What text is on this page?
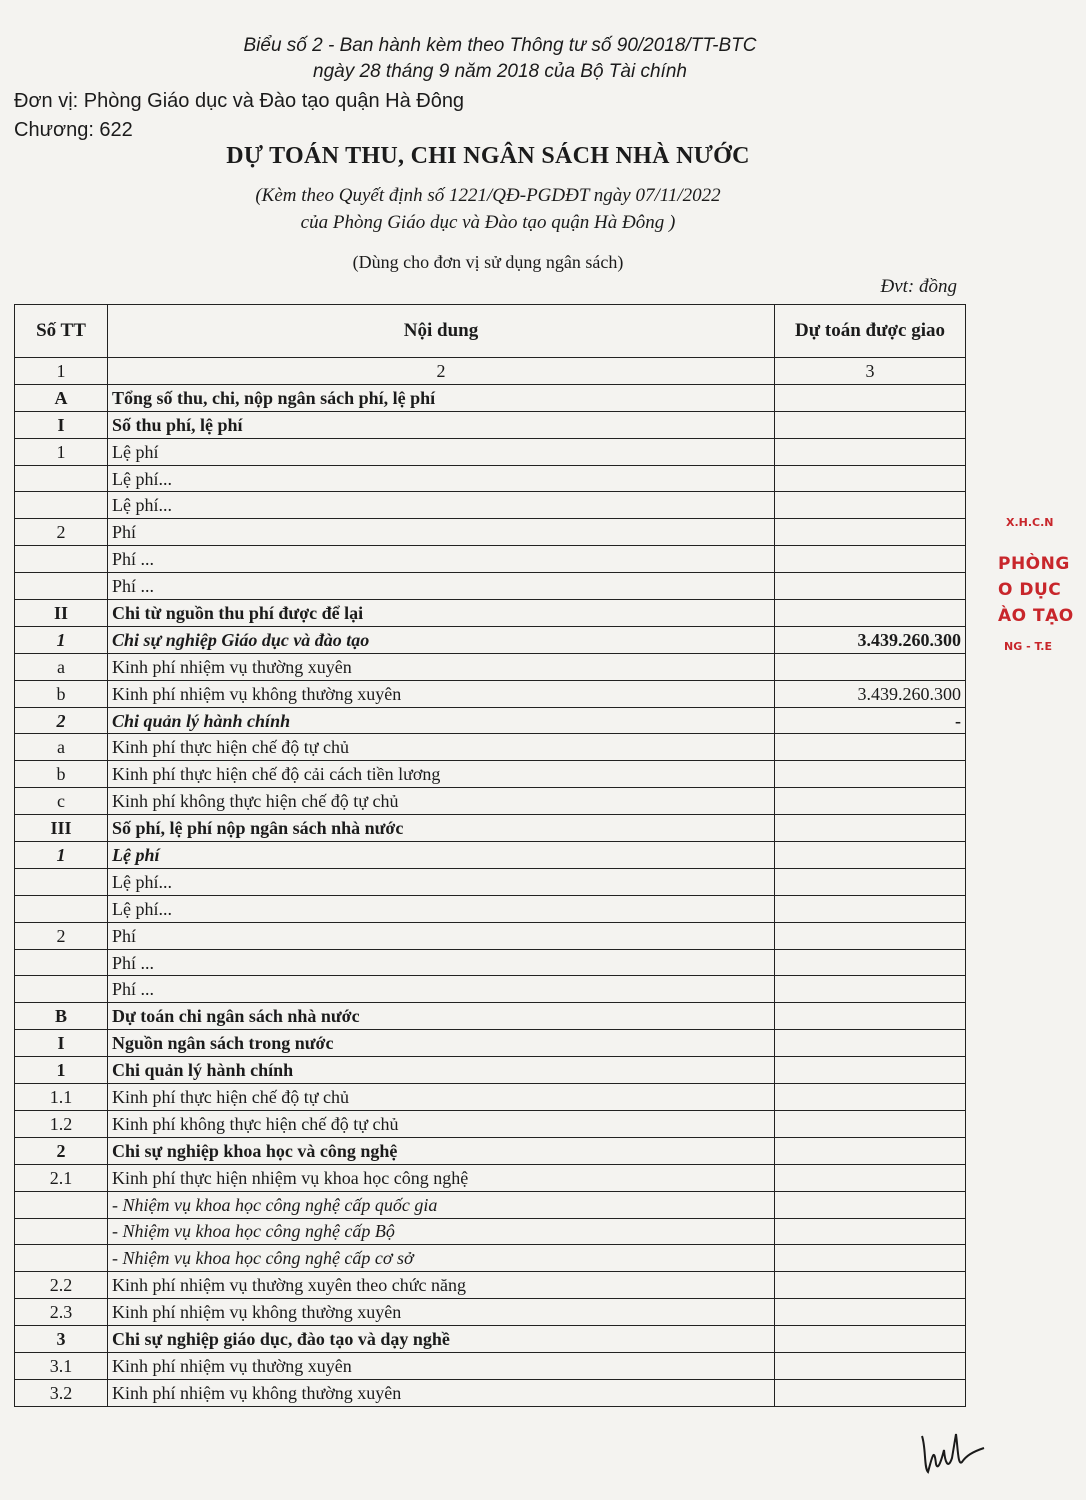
Biểu số 2 - Ban hành kèm theo Thông tư số 90/2018/TT-BTC
ngày 28 tháng 9 năm 2018 của Bộ Tài chính
Đơn vị: Phòng Giáo dục và Đào tạo quận Hà Đông
Chương: 622
DỰ TOÁN THU, CHI NGÂN SÁCH NHÀ NƯỚC
(Kèm theo Quyết định số 1221/QĐ-PGDĐT ngày 07/11/2022
của Phòng Giáo dục và Đào tạo quận Hà Đông )
(Dùng cho đơn vị sử dụng ngân sách)
Đvt: đồng
Số TT	Nội dung	Dự toán được giao
1	2	3
A	Tổng số thu, chi, nộp ngân sách phí, lệ phí	
I	Số thu phí, lệ phí	
1	Lệ phí	
	Lệ phí...	
	Lệ phí...	
2	Phí	
	Phí ...	
	Phí ...	
II	Chi từ nguồn thu phí được để lại	
1	Chi sự nghiệp Giáo dục và đào tạo	3.439.260.300
a	Kinh phí nhiệm vụ thường xuyên	
b	Kinh phí nhiệm vụ không thường xuyên	3.439.260.300
2	Chi quản lý hành chính	-
a	Kinh phí thực hiện chế độ tự chủ	
b	Kinh phí thực hiện chế độ cải cách tiền lương	
c	Kinh phí không thực hiện chế độ tự chủ	
III	Số phí, lệ phí nộp ngân sách nhà nước	
1	Lệ phí	
	Lệ phí...	
	Lệ phí...	
2	Phí	
	Phí ...	
	Phí ...	
B	Dự toán chi ngân sách nhà nước	
I	Nguồn ngân sách trong nước	
1	Chi quản lý hành chính	
1.1	Kinh phí thực hiện chế độ tự chủ	
1.2	Kinh phí không thực hiện chế độ tự chủ	
2	Chi sự nghiệp khoa học và công nghệ	
2.1	Kinh phí thực hiện nhiệm vụ khoa học công nghệ	
	- Nhiệm vụ khoa học công nghệ cấp quốc gia	
	- Nhiệm vụ khoa học công nghệ cấp Bộ	
	- Nhiệm vụ khoa học công nghệ cấp cơ sở	
2.2	Kinh phí nhiệm vụ thường xuyên theo chức năng	
2.3	Kinh phí nhiệm vụ không thường xuyên	
3	Chi sự nghiệp giáo dục, đào tạo và dạy nghề	
3.1	Kinh phí nhiệm vụ thường xuyên	
3.2	Kinh phí nhiệm vụ không thường xuyên	
X.H.C.N
PHÒNG
O DỤC
ÀO TẠO
NG - T.E
